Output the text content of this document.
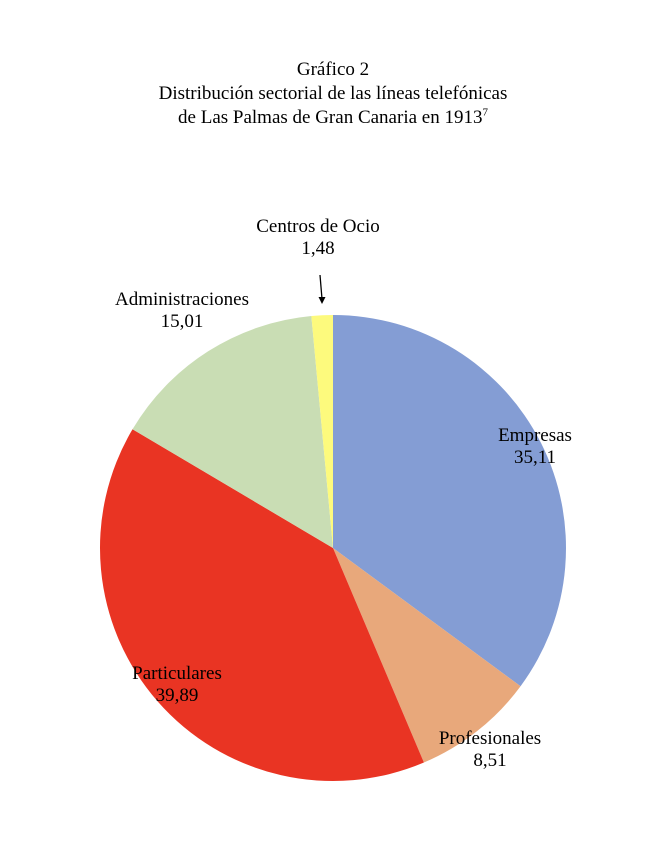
Gráfico 2
Distribución sectorial de las líneas telefónicas
de Las Palmas de Gran Canaria en 1913$^7$
Empresas
35,11
Profesionales
8,51
Particulares
39,89
Administraciones
15,01
Centros de Ocio
1,48
